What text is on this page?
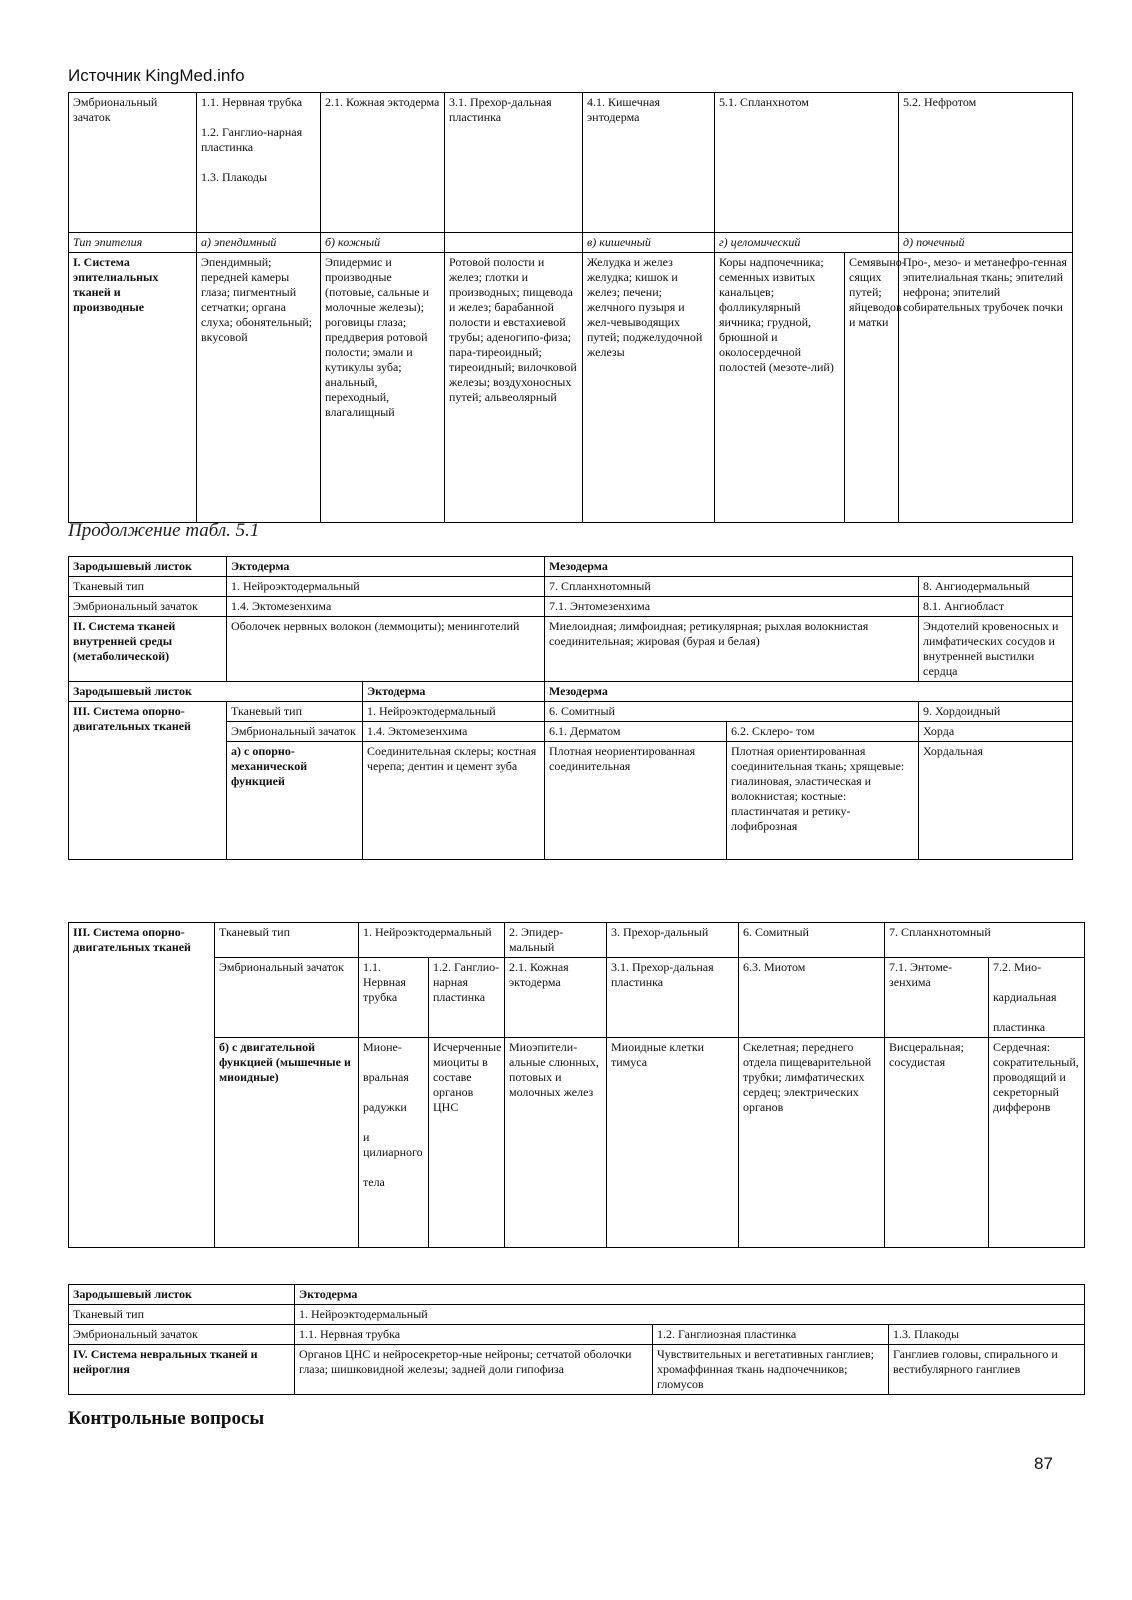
Источник KingMed.info
Эмбриональный зачаток	1.1. Нервная трубка

1.2. Ганглио-нарная пластинка

1.3. Плакоды	2.1. Кожная эктодерма	3.1. Прехор-дальная пластинка	4.1. Кишечная энтодерма	5.1. Спланхнотом		5.2. Нефротом
Тип эпителия	а) эпендимный	б) кожный		в) кишечный	г) целомический		д) почечный
I. Система эпителиальных тканей и производные	Эпендимный; передней камеры глаза; пигментный сетчатки; органа слуха; обонятельный; вкусовой	Эпидермис и производные (потовые, сальные и молочные железы); роговицы глаза; преддверия ротовой полости; эмали и кутикулы зуба; анальный, переходный, влагалищный	Ротовой полости и желез; глотки и производных; пищевода и желез; барабанной полости и евстахиевой трубы; аденогипо-физа; пара-тиреоидный; тиреоидный; вилочковой железы; воздухоносных путей; альвеолярный	Желудка и желез желудка; кишок и желез; печени; желчного пузыря и жел-чевыводящих путей; поджелудочной железы	Коры надпочечника; семенных извитых канальцев; фолликулярный яичника; грудной, брюшной и околосердечной полостей (мезоте-лий)	Семявыно-сящих путей; яйцеводов и матки	Про-, мезо- и метанефро-генная эпителиальная ткань; эпителий нефрона; эпителий собирательных трубочек почки
Продолжение табл. 5.1
Зародышевый листок	Эктодерма		Мезодерма		
Тканевый тип	1. Нейроэктодермальный		7. Спланхнотомный		8. Ангиодермальный
Эмбриональный зачаток	1.4. Эктомезенхима		7.1. Энтомезенхима		8.1. Ангиобласт
II. Система тканей внутренней среды (метаболической)	Оболочек нервных волокон (леммоциты); менинготелий		Миелоидная; лимфоидная; ретикулярная; рыхлая волокнистая соединительная; жировая (бурая и белая)		Эндотелий кровеносных и лимфатических сосудов и внутренней выстилки сердца
Зародышевый листок		Эктодерма	Мезодерма		
III. Система опорно-двигательных тканей	Тканевый тип	1. Нейроэктодермальный	6. Сомитный		9. Хордоидный
	Эмбриональный зачаток	1.4. Эктомезенхима	6.1. Дерматом	6.2. Склеро- том	Хорда
	а) с опорно-механической функцией	Соединительная склеры; костная черепа; дентин и цемент зуба	Плотная неориентированная соединительная	Плотная ориентированная соединительная ткань; хрящевые: гиалиновая, эластическая и волокнистая; костные: пластинчатая и ретику-лофиброзная	Хордальная
III. Система опорно-двигательных тканей	Тканевый тип	1. Нейроэктодермальный		2. Эпидер-мальный	3. Прехор-дальный	6. Сомитный	7. Спланхнотомный	
	Эмбриональный зачаток	1.1. Нервная трубка	1.2. Ганглио-нарная пластинка	2.1. Кожная эктодерма	3.1. Прехор-дальная пластинка	6.3. Миотом	7.1. Энтоме-зенхима	7.2. Мио-

кардиальная

пластинка
	б) с двигательной функцией (мышечные и миоидные)	Мионе-

вральная

радужки

и цилиарного

тела	Исчерченные миоциты в составе органов ЦНС	Миоэпители-альные слюнных, потовых и молочных желез	Миоидные клетки тимуса	Скелетная; переднего отдела пищеварительной трубки; лимфатических сердец; электрических органов	Висцеральная; сосудистая	Сердечная: сократительный, проводящий и секреторный дифферонв
Зародышевый листок	Эктодерма		
Тканевый тип	1. Нейроэктодермальный		
Эмбриональный зачаток	1.1. Нервная трубка	1.2. Ганглиозная пластинка	1.3. Плакоды
IV. Система невральных тканей и нейроглия	Органов ЦНС и нейросекретор-ные нейроны; сетчатой оболочки глаза; шишковидной железы; задней доли гипофиза	Чувствительных и вегетативных ганглиев; хромаффинная ткань надпочечников; гломусов	Ганглиев головы, спирального и вестибулярного ганглиев
Контрольные вопросы
87
